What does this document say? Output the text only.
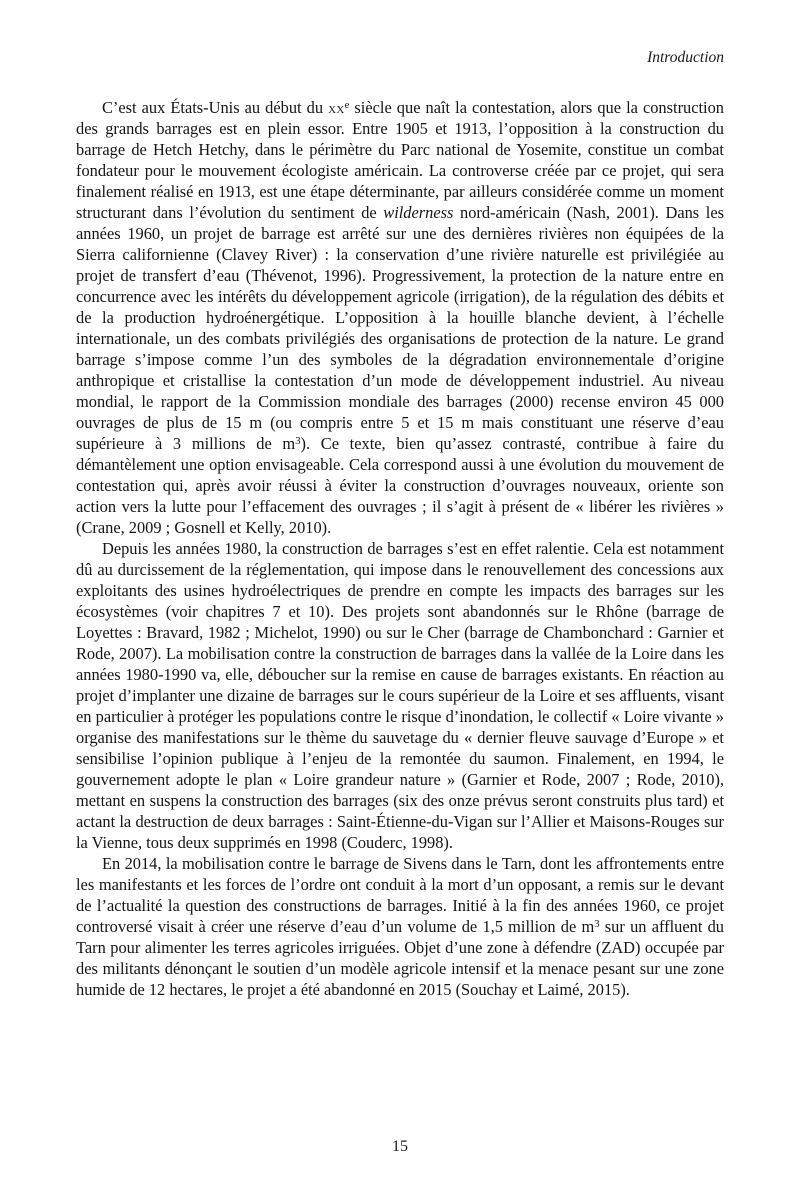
Introduction

C’est aux États-Unis au début du $xx^e$ siècle que naît la contestation, alors que la construction des grands barrages est en plein essor. Entre 1905 et 1913, l’opposition à la construction du barrage de Hetch Hetchy, dans le périmètre du Parc national de Yosemite, constitue un combat fondateur pour le mouvement écologiste américain. La controverse créée par ce projet, qui sera finalement réalisé en 1913, est une étape déterminante, par ailleurs considérée comme un moment structurant dans l’évolution du sentiment de wilderness nord-américain (Nash, 2001). Dans les années 1960, un projet de barrage est arrêté sur une des dernières rivières non équipées de la Sierra californienne (Clavey River) : la conservation d’une rivière naturelle est privilégiée au projet de transfert d’eau (Thévenot, 1996). Progressivement, la protection de la nature entre en concurrence avec les intérêts du développement agricole (irrigation), de la régulation des débits et de la production hydroénergétique. L’opposition à la houille blanche devient, à l’échelle internationale, un des combats privilégiés des organisations de protection de la nature. Le grand barrage s’impose comme l’un des symboles de la dégradation environnementale d’origine anthropique et cristallise la contestation d’un mode de développement industriel. Au niveau mondial, le rapport de la Commission mondiale des barrages (2000) recense environ 45 000 ouvrages de plus de 15 m (ou compris entre 5 et 15 m mais constituant une réserve d’eau supérieure à 3 millions de $m^3$). Ce texte, bien qu’assez contrasté, contribue à faire du démantèlement une option envisageable. Cela correspond aussi à une évolution du mouvement de contestation qui, après avoir réussi à éviter la construction d’ouvrages nouveaux, oriente son action vers la lutte pour l’effacement des ouvrages ; il s’agit à présent de « libérer les rivières » (Crane, 2009 ; Gosnell et Kelly, 2010).

Depuis les années 1980, la construction de barrages s’est en effet ralentie. Cela est notamment dû au durcissement de la réglementation, qui impose dans le renouvellement des concessions aux exploitants des usines hydroélectriques de prendre en compte les impacts des barrages sur les écosystèmes (voir chapitres 7 et 10). Des projets sont abandonnés sur le Rhône (barrage de Loyettes : Bravard, 1982 ; Michelot, 1990) ou sur le Cher (barrage de Chambonchard : Garnier et Rode, 2007). La mobilisation contre la construction de barrages dans la vallée de la Loire dans les années 1980-1990 va, elle, déboucher sur la remise en cause de barrages existants. En réaction au projet d’implanter une dizaine de barrages sur le cours supérieur de la Loire et ses affluents, visant en particulier à protéger les populations contre le risque d’inondation, le collectif « Loire vivante » organise des manifestations sur le thème du sauvetage du « dernier fleuve sauvage d’Europe » et sensibilise l’opinion publique à l’enjeu de la remontée du saumon. Finalement, en 1994, le gouvernement adopte le plan « Loire grandeur nature » (Garnier et Rode, 2007 ; Rode, 2010), mettant en suspens la construction des barrages (six des onze prévus seront construits plus tard) et actant la destruction de deux barrages : Saint-Étienne-du-Vigan sur l’Allier et Maisons-Rouges sur la Vienne, tous deux supprimés en 1998 (Couderc, 1998).

En 2014, la mobilisation contre le barrage de Sivens dans le Tarn, dont les affrontements entre les manifestants et les forces de l’ordre ont conduit à la mort d’un opposant, a remis sur le devant de l’actualité la question des constructions de barrages. Initié à la fin des années 1960, ce projet controversé visait à créer une réserve d’eau d’un volume de 1,5 million de $m^3$ sur un affluent du Tarn pour alimenter les terres agricoles irriguées. Objet d’une zone à défendre (ZAD) occupée par des militants dénonçant le soutien d’un modèle agricole intensif et la menace pesant sur une zone humide de 12 hectares, le projet a été abandonné en 2015 (Souchay et Laimé, 2015).

15
